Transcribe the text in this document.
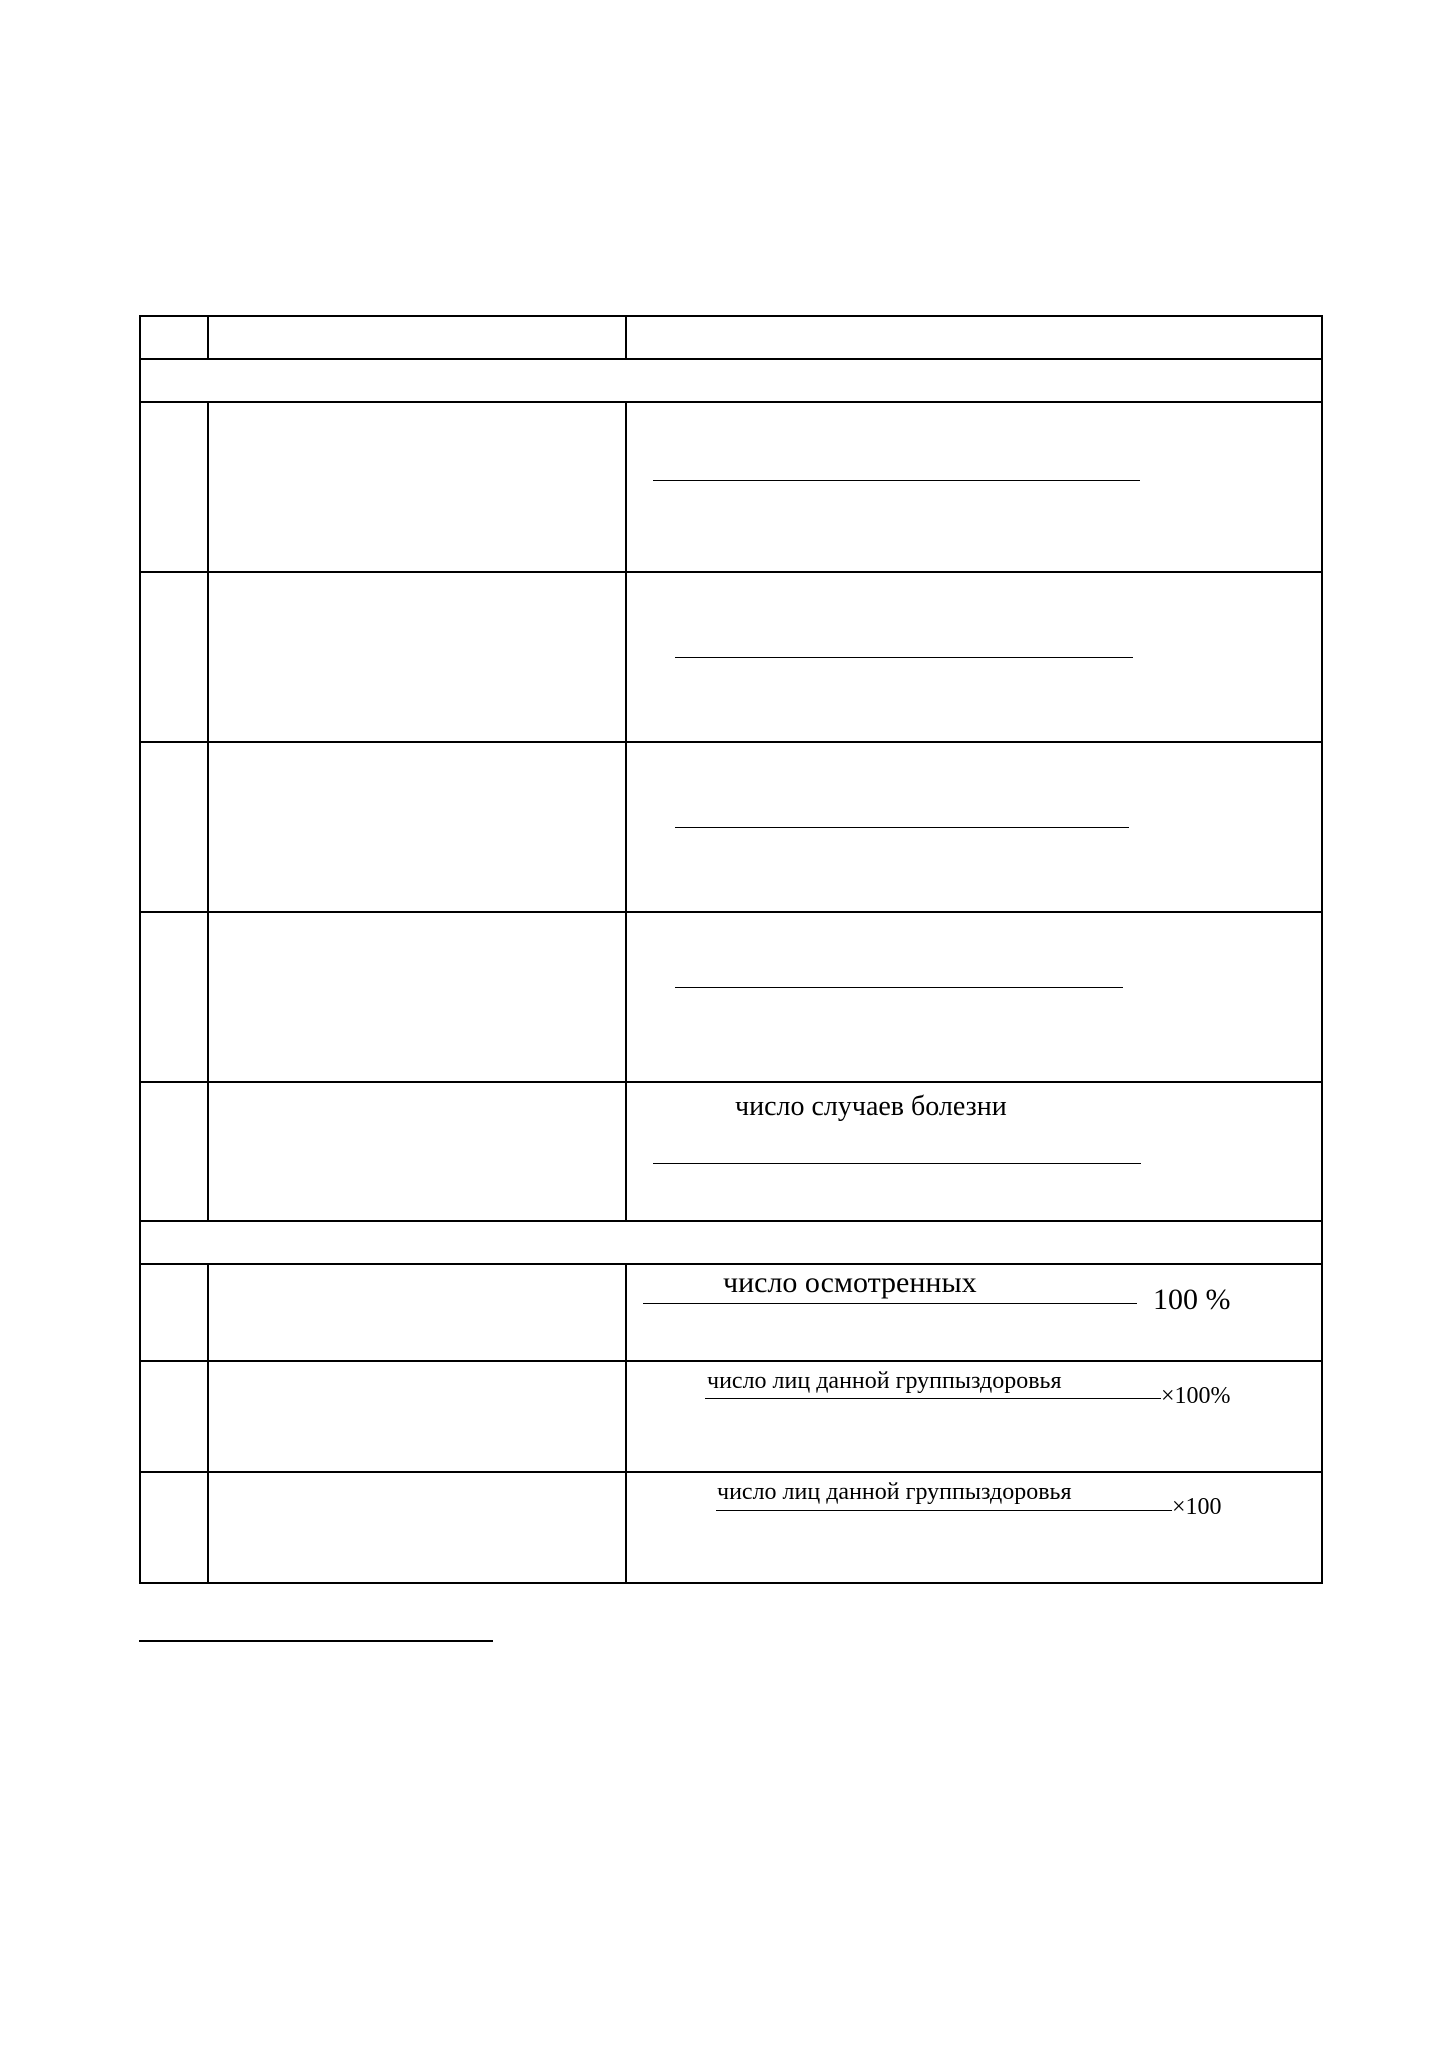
		число случаев болезни

		число осмотренных
100 %

		число лиц данной группыздоровья
×100%

		число лиц данной группыздоровья
×100
